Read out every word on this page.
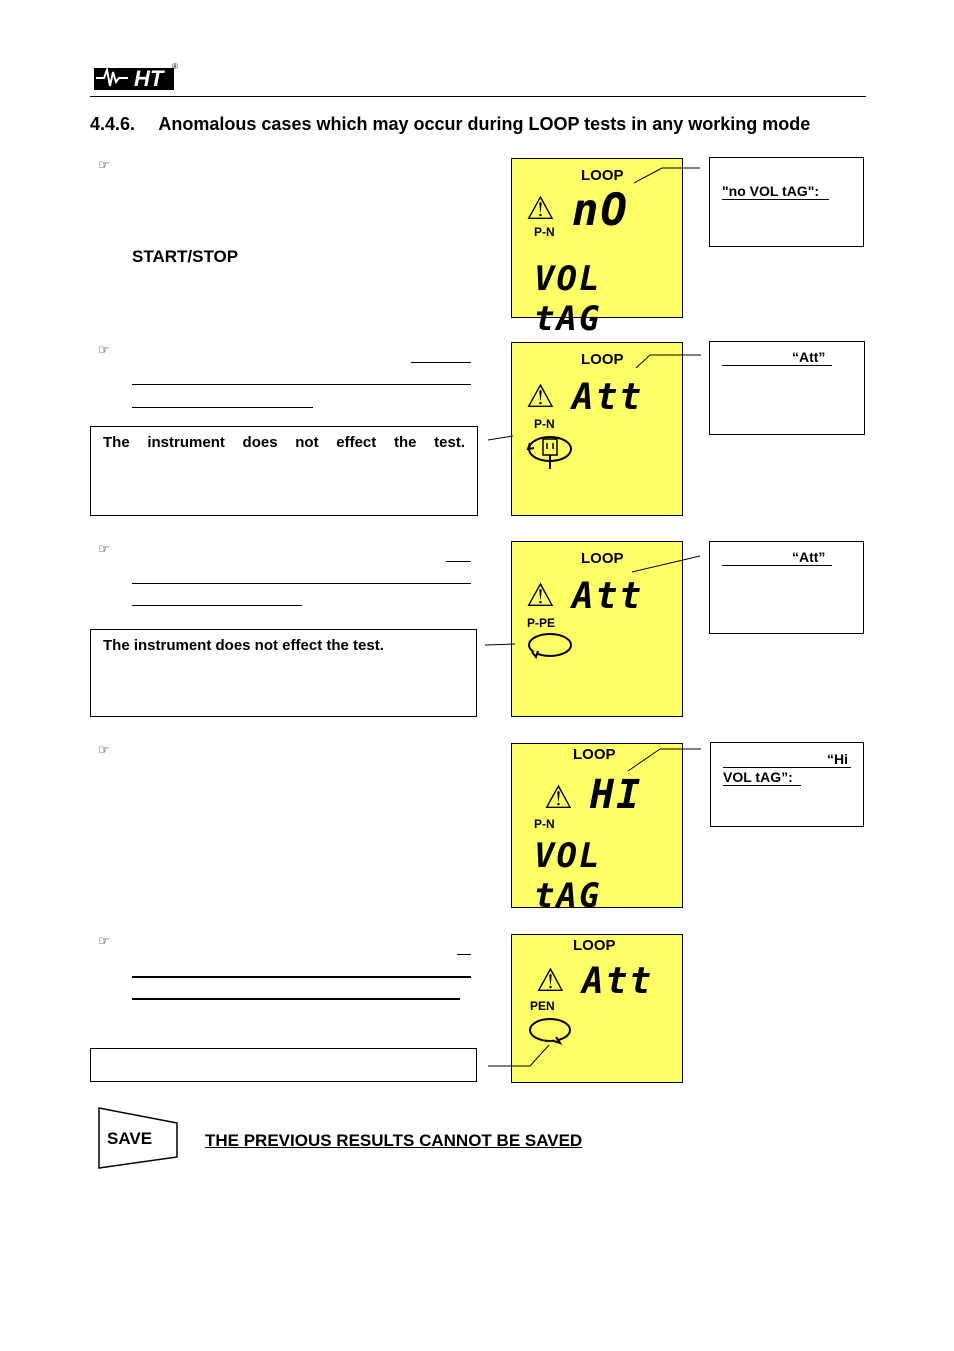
HT ®
4.4.6. Anomalous cases which may occur during LOOP tests in any working mode
☞
START/STOP
LOOP
⚠ nO
P-N
VOL tAG
"no VOL tAG":
☞
The instrument does not effect the test.
LOOP
⚠ Att
P-N
“Att”
☞
The instrument does not effect the test.
LOOP
⚠ Att
P-PE
“Att”
☞	LOOP
⚠ HI
P-N
VOL tAG
“Hi
VOL tAG”:
☞	LOOP
⚠ Att
PEN
SAVE	THE PREVIOUS RESULTS CANNOT BE SAVED
